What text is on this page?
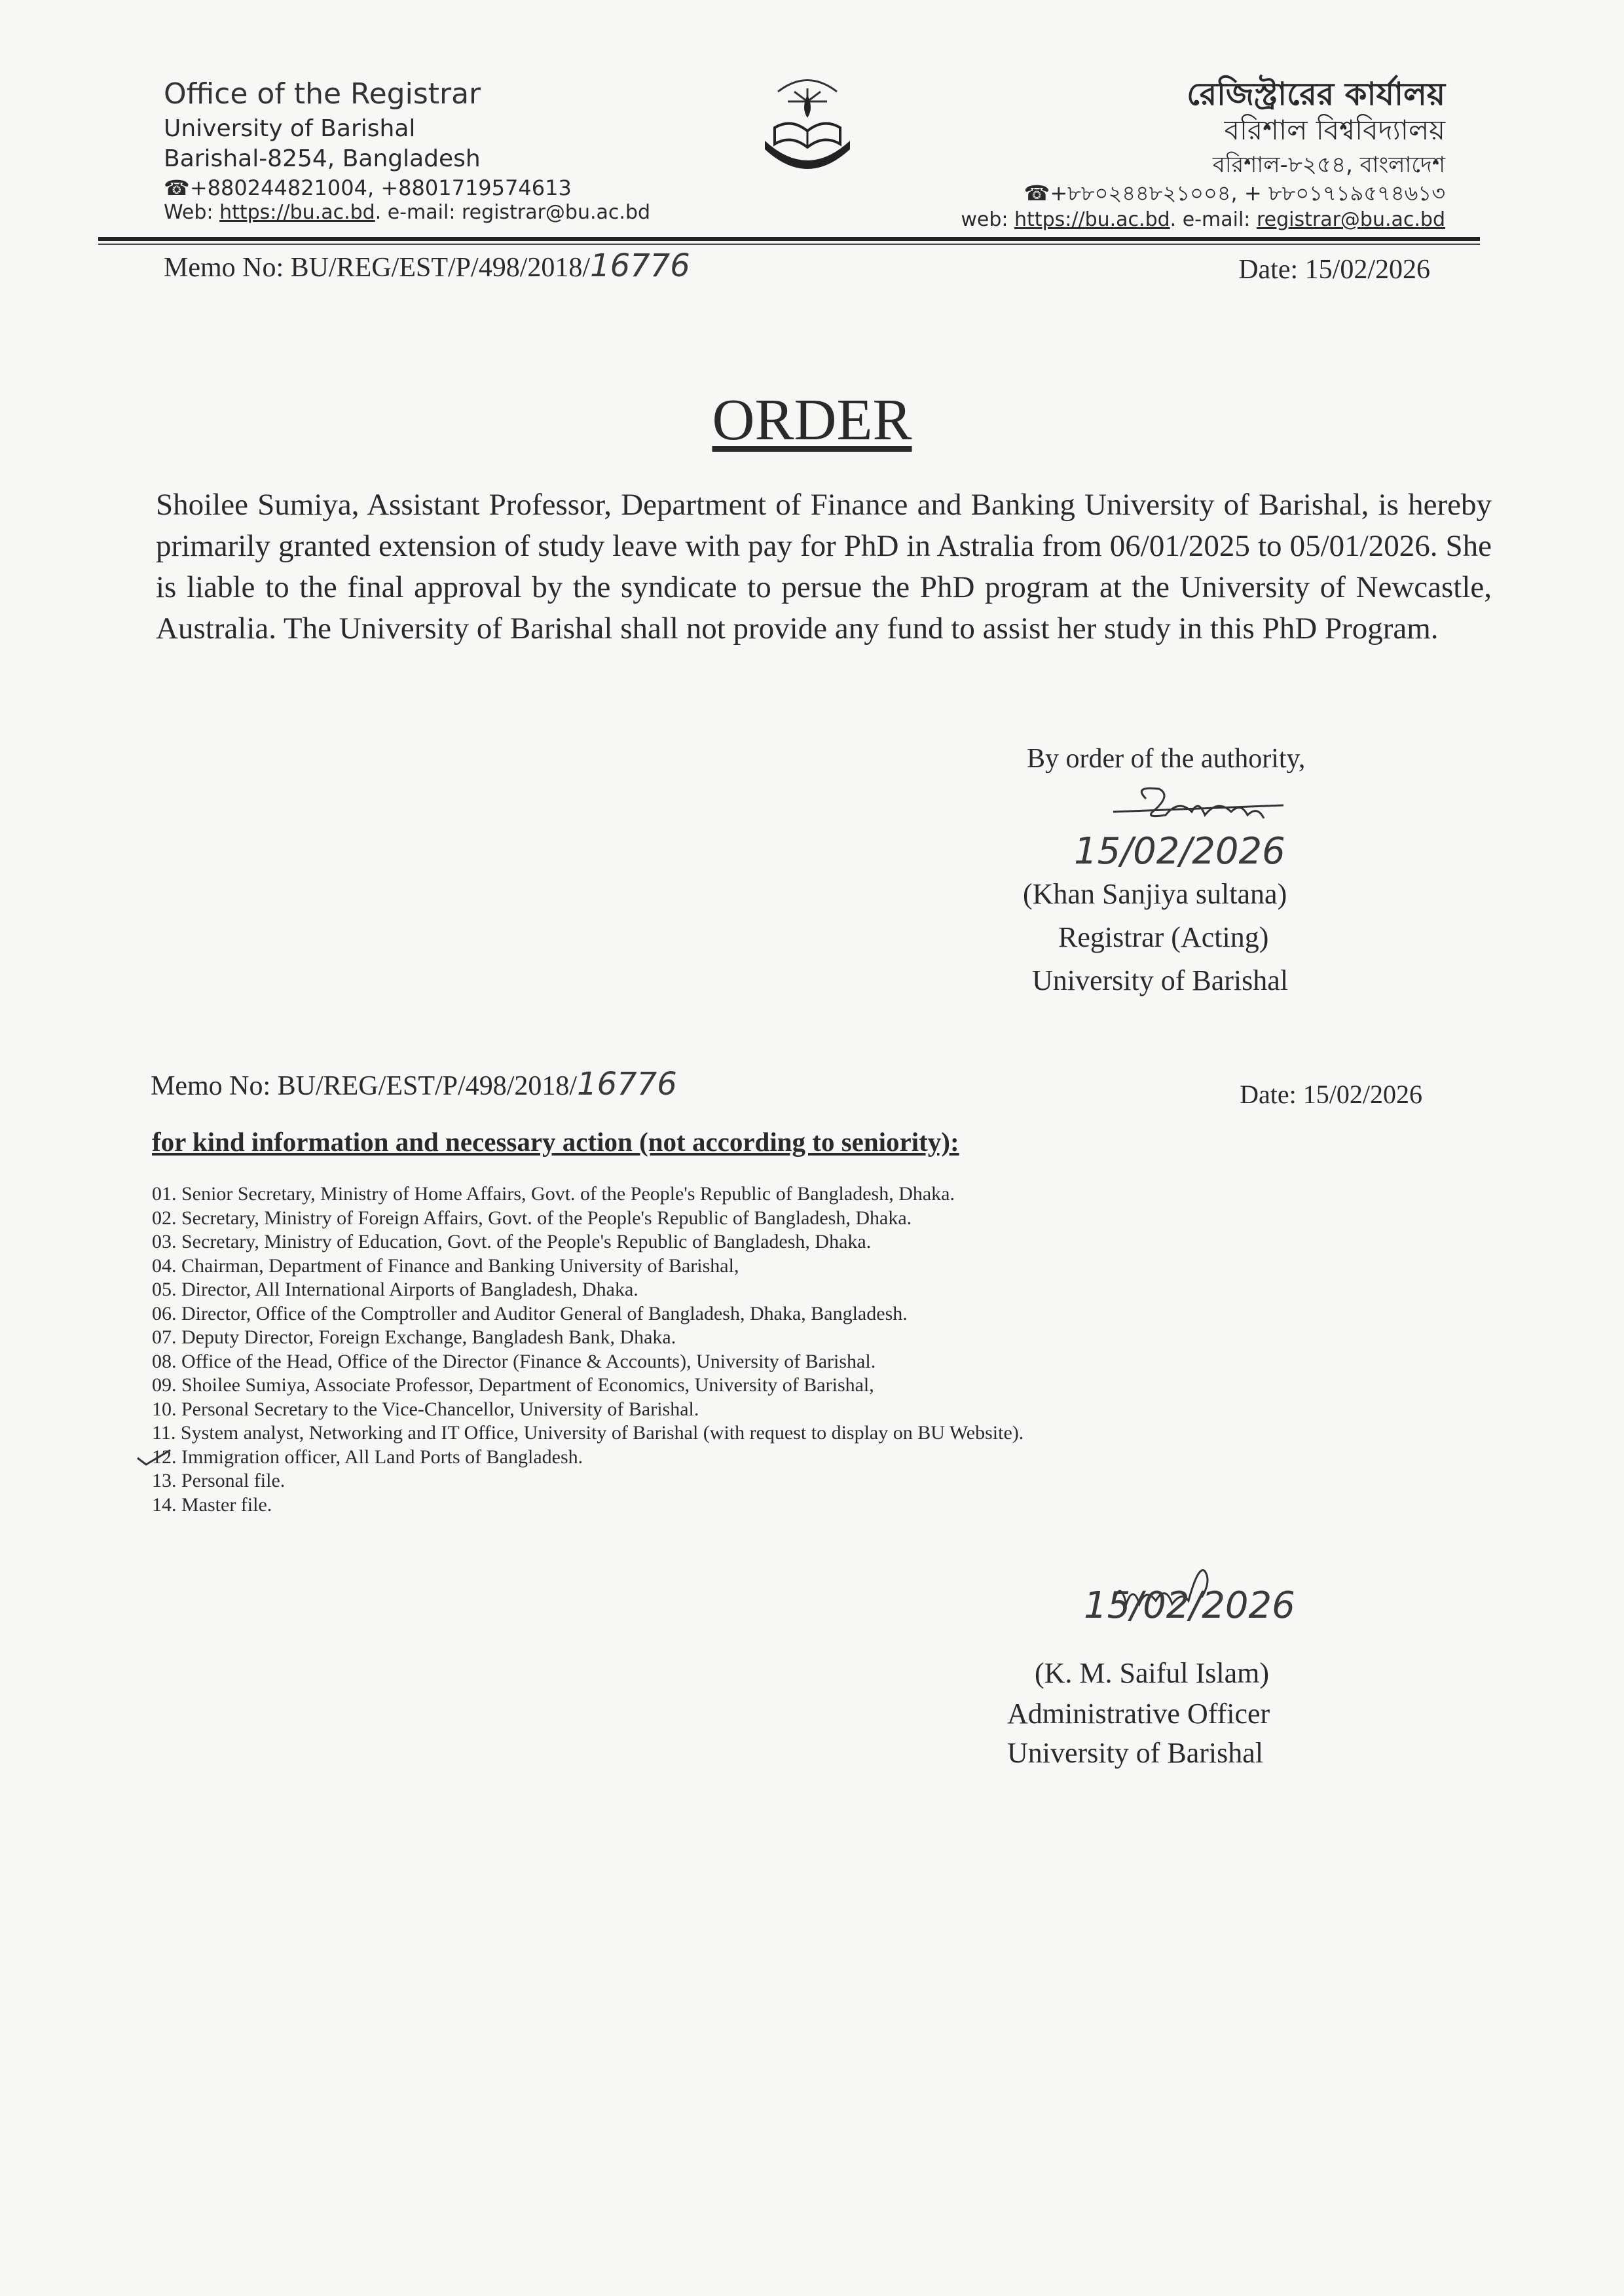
Office of the Registrar
University of Barishal
Barishal-8254, Bangladesh
☎+880244821004, +8801719574613
Web: https://bu.ac.bd. e-mail: registrar@bu.ac.bd
রেজিস্ট্রারের কার্যালয়
বরিশাল বিশ্ববিদ্যালয়
বরিশাল-৮২৫৪, বাংলাদেশ
☎+৮৮০২৪৪৮২১০০৪, + ৮৮০১৭১৯৫৭৪৬১৩
web: https://bu.ac.bd. e-mail: registrar@bu.ac.bd
Memo No: BU/REG/EST/P/498/2018/16776	Date: 15/02/2026
ORDER
Shoilee Sumiya, Assistant Professor, Department of Finance and Banking University of Barishal, is hereby primarily granted extension of study leave with pay for PhD in Astralia from 06/01/2025 to 05/01/2026. She is liable to the final approval by the syndicate to persue the PhD program at the University of Newcastle, Australia. The University of Barishal shall not provide any fund to assist her study in this PhD Program.
By order of the authority,
15/02/2026
(Khan Sanjiya sultana)
Registrar (Acting)
University of Barishal
Memo No: BU/REG/EST/P/498/2018/16776	Date: 15/02/2026
for kind information and necessary action (not according to seniority):
01. Senior Secretary, Ministry of Home Affairs, Govt. of the People's Republic of Bangladesh, Dhaka.
02. Secretary, Ministry of Foreign Affairs, Govt. of the People's Republic of Bangladesh, Dhaka.
03. Secretary, Ministry of Education, Govt. of the People's Republic of Bangladesh, Dhaka.
04. Chairman, Department of Finance and Banking University of Barishal,
05. Director, All International Airports of Bangladesh, Dhaka.
06. Director, Office of the Comptroller and Auditor General of Bangladesh, Dhaka, Bangladesh.
07. Deputy Director, Foreign Exchange, Bangladesh Bank, Dhaka.
08. Office of the Head, Office of the Director (Finance & Accounts), University of Barishal.
09. Shoilee Sumiya, Associate Professor, Department of Economics, University of Barishal,
10. Personal Secretary to the Vice-Chancellor, University of Barishal.
11. System analyst, Networking and IT Office, University of Barishal (with request to display on BU Website).
12. Immigration officer, All Land Ports of Bangladesh.
13. Personal file.
14. Master file.
15/02/2026
(K. M. Saiful Islam)
Administrative Officer
University of Barishal
